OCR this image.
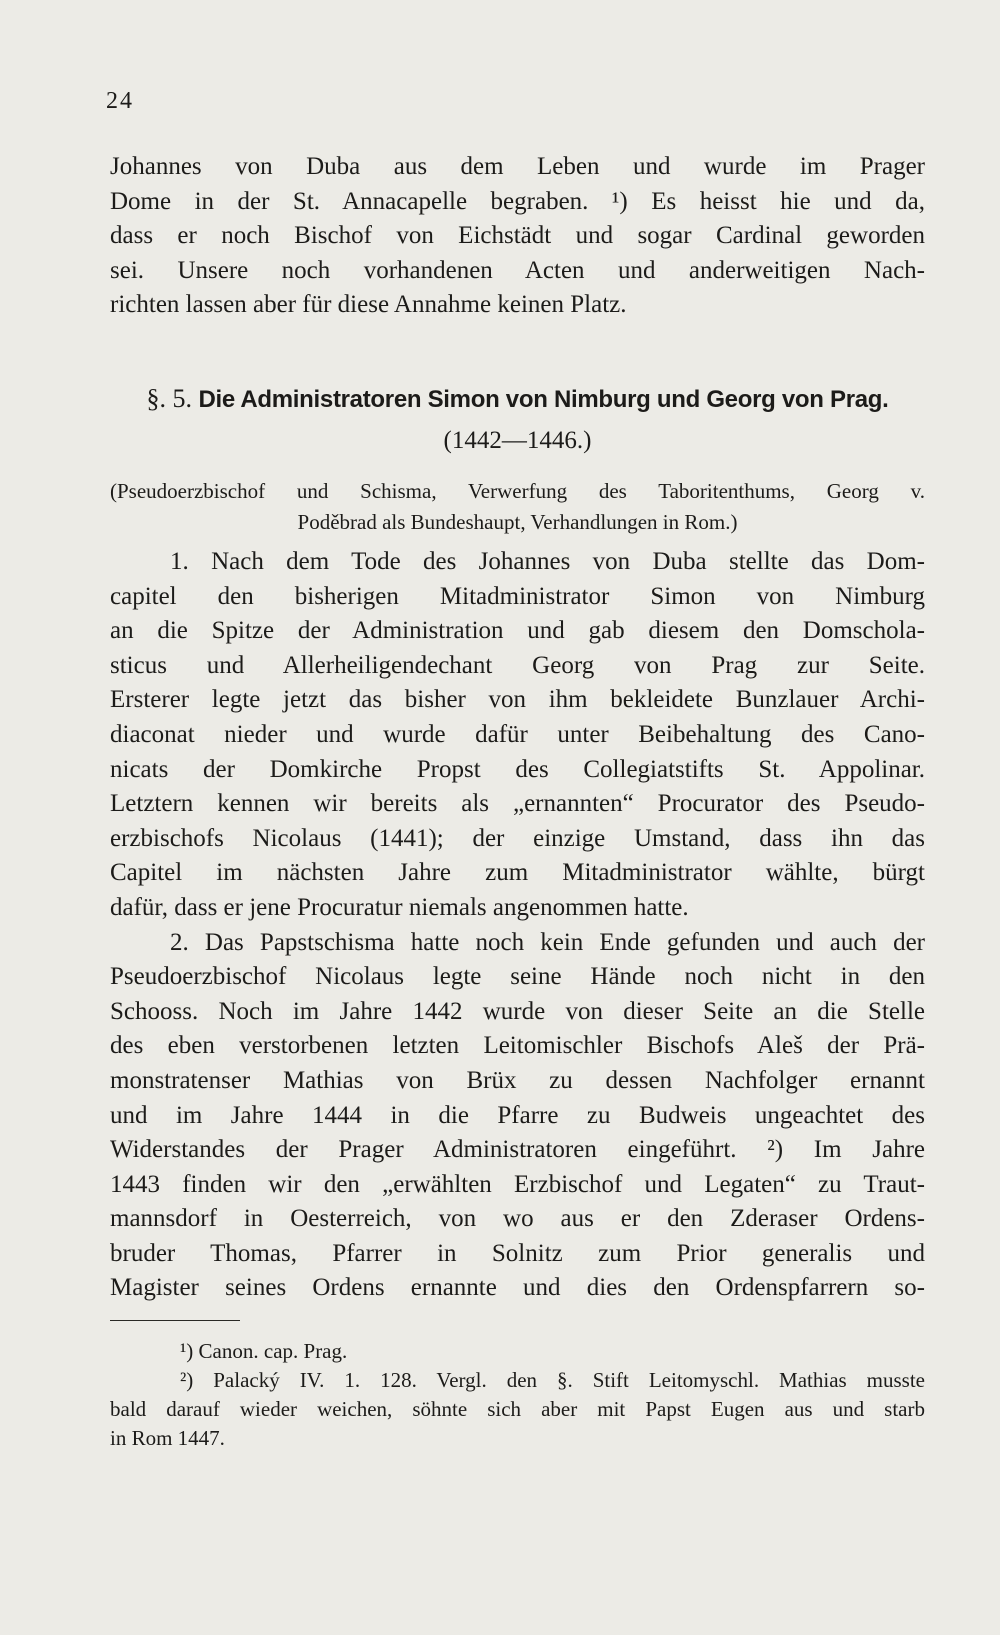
24
Johannes von Duba aus dem Leben und wurde im Prager
Dome in der St. Annacapelle begraben. ¹) Es heisst hie und da,
dass er noch Bischof von Eichstädt und sogar Cardinal geworden
sei. Unsere noch vorhandenen Acten und anderweitigen Nach-
richten lassen aber für diese Annahme keinen Platz.
§. 5. Die Administratoren Simon von Nimburg und Georg von Prag.
(1442—1446.)
(Pseudoerzbischof und Schisma, Verwerfung des Taboritenthums, Georg v.
Poděbrad als Bundeshaupt, Verhandlungen in Rom.)
1. Nach dem Tode des Johannes von Duba stellte das Dom-
capitel den bisherigen Mitadministrator Simon von Nimburg
an die Spitze der Administration und gab diesem den Domschola-
sticus und Allerheiligendechant Georg von Prag zur Seite.
Ersterer legte jetzt das bisher von ihm bekleidete Bunzlauer Archi-
diaconat nieder und wurde dafür unter Beibehaltung des Cano-
nicats der Domkirche Propst des Collegiatstifts St. Appolinar.
Letztern kennen wir bereits als „ernannten“ Procurator des Pseudo-
erzbischofs Nicolaus (1441); der einzige Umstand, dass ihn das
Capitel im nächsten Jahre zum Mitadministrator wählte, bürgt
dafür, dass er jene Procuratur niemals angenommen hatte.
2. Das Papstschisma hatte noch kein Ende gefunden und auch der
Pseudoerzbischof Nicolaus legte seine Hände noch nicht in den
Schooss. Noch im Jahre 1442 wurde von dieser Seite an die Stelle
des eben verstorbenen letzten Leitomischler Bischofs Aleš der Prä-
monstratenser Mathias von Brüx zu dessen Nachfolger ernannt
und im Jahre 1444 in die Pfarre zu Budweis ungeachtet des
Widerstandes der Prager Administratoren eingeführt. ²) Im Jahre
1443 finden wir den „erwählten Erzbischof und Legaten“ zu Traut-
mannsdorf in Oesterreich, von wo aus er den Zderaser Ordens-
bruder Thomas, Pfarrer in Solnitz zum Prior generalis und
Magister seines Ordens ernannte und dies den Ordenspfarrern so-
¹) Canon. cap. Prag.
²) Palacký IV. 1. 128. Vergl. den §. Stift Leitomyschl. Mathias musste
bald darauf wieder weichen, söhnte sich aber mit Papst Eugen aus und starb
in Rom 1447.
